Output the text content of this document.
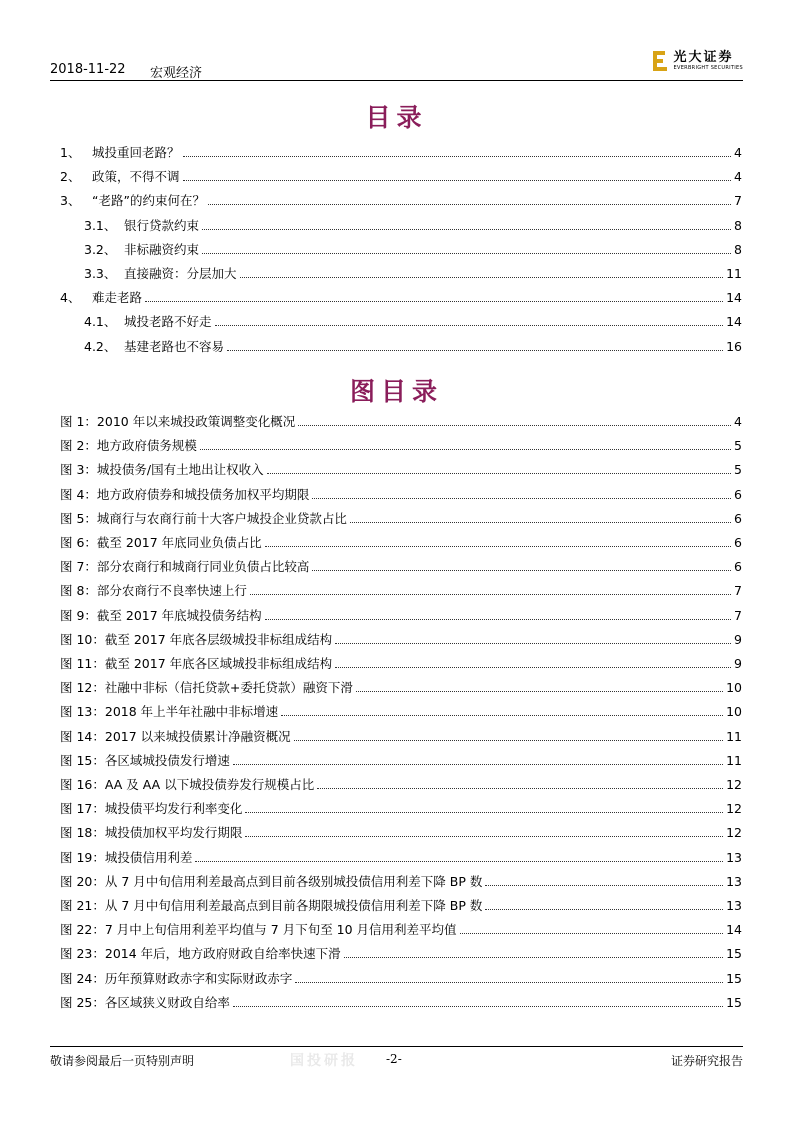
2018-11-22 宏观经济
光大证券
EVERBRIGHT SECURITIES
目录
1、 城投重回老路？	4
2、 政策，不得不调	4
3、 “老路”的约束何在？	7
3.1、 银行贷款约束	8
3.2、 非标融资约束	8
3.3、 直接融资：分层加大	11
4、 难走老路	14
4.1、 城投老路不好走	14
4.2、 基建老路也不容易	16
图目录
图 1：2010 年以来城投政策调整变化概况	4
图 2：地方政府债务规模	5
图 3：城投债务/国有土地出让权收入	5
图 4：地方政府债券和城投债务加权平均期限	6
图 5：城商行与农商行前十大客户城投企业贷款占比	6
图 6：截至 2017 年底同业负债占比	6
图 7：部分农商行和城商行同业负债占比较高	6
图 8：部分农商行不良率快速上行	7
图 9：截至 2017 年底城投债务结构	7
图 10：截至 2017 年底各层级城投非标组成结构	9
图 11：截至 2017 年底各区域城投非标组成结构	9
图 12：社融中非标（信托贷款+委托贷款）融资下滑	10
图 13：2018 年上半年社融中非标增速	10
图 14：2017 以来城投债累计净融资概况	11
图 15：各区域城投债发行增速	11
图 16：AA 及 AA 以下城投债券发行规模占比	12
图 17：城投债平均发行利率变化	12
图 18：城投债加权平均发行期限	12
图 19：城投债信用利差	13
图 20：从 7 月中旬信用利差最高点到目前各级别城投债信用利差下降 BP 数	13
图 21：从 7 月中旬信用利差最高点到目前各期限城投债信用利差下降 BP 数	13
图 22：7 月中上旬信用利差平均值与 7 月下旬至 10 月信用利差平均值	14
图 23：2014 年后，地方政府财政自给率快速下滑	15
图 24：历年预算财政赤字和实际财政赤字	15
图 25：各区域狭义财政自给率	15
敬请参阅最后一页特别声明	国投研报 -2-	证券研究报告
